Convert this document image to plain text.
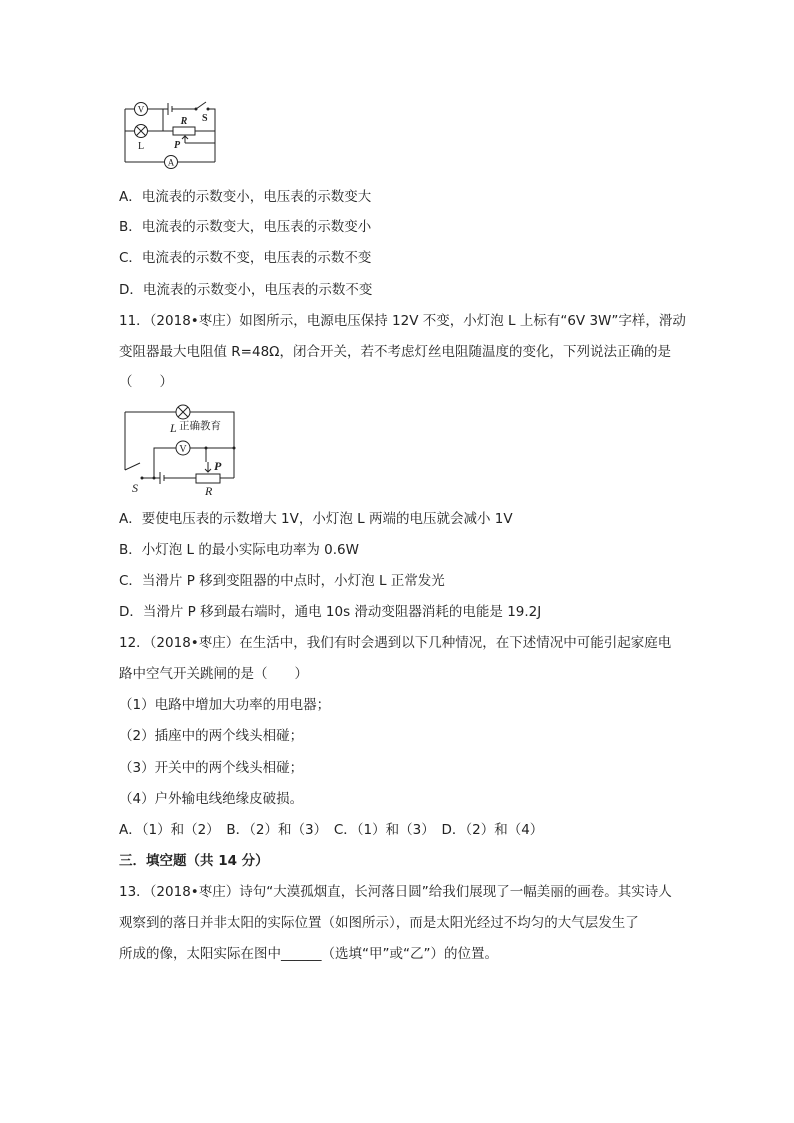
V
S
R
L	P
A
A．电流表的示数变小，电压表的示数变大
B．电流表的示数变大，电压表的示数变小
C．电流表的示数不变，电压表的示数不变
D．电流表的示数变小，电压表的示数不变
11．（2018•枣庄）如图所示，电源电压保持 12V 不变，小灯泡 L 上标有“6V 3W”字样，滑动
变阻器最大电阻值 R=48Ω，闭合开关，若不考虑灯丝电阻随温度的变化，下列说法正确的是
（　　）
L 正确教育
V
P
S	R
A．要使电压表的示数增大 1V，小灯泡 L 两端的电压就会减小 1V
B．小灯泡 L 的最小实际电功率为 0.6W
C．当滑片 P 移到变阻器的中点时，小灯泡 L 正常发光
D．当滑片 P 移到最右端时，通电 10s 滑动变阻器消耗的电能是 19.2J
12．（2018•枣庄）在生活中，我们有时会遇到以下几种情况，在下述情况中可能引起家庭电
路中空气开关跳闸的是（　　）
（1）电路中增加大功率的用电器；
（2）插座中的两个线头相碰；
（3）开关中的两个线头相碰；
（4）户外输电线绝缘皮破损。
A．（1）和（2）　B．（2）和（3）　C．（1）和（3）　D．（2）和（4）
三．填空题（共 14 分）
13．（2018•枣庄）诗句“大漠孤烟直，长河落日圆”给我们展现了一幅美丽的画卷。其实诗人
观察到的落日并非太阳的实际位置（如图所示），而是太阳光经过不均匀的大气层发生了
所成的像，太阳实际在图中______（选填“甲”或“乙”）的位置。
